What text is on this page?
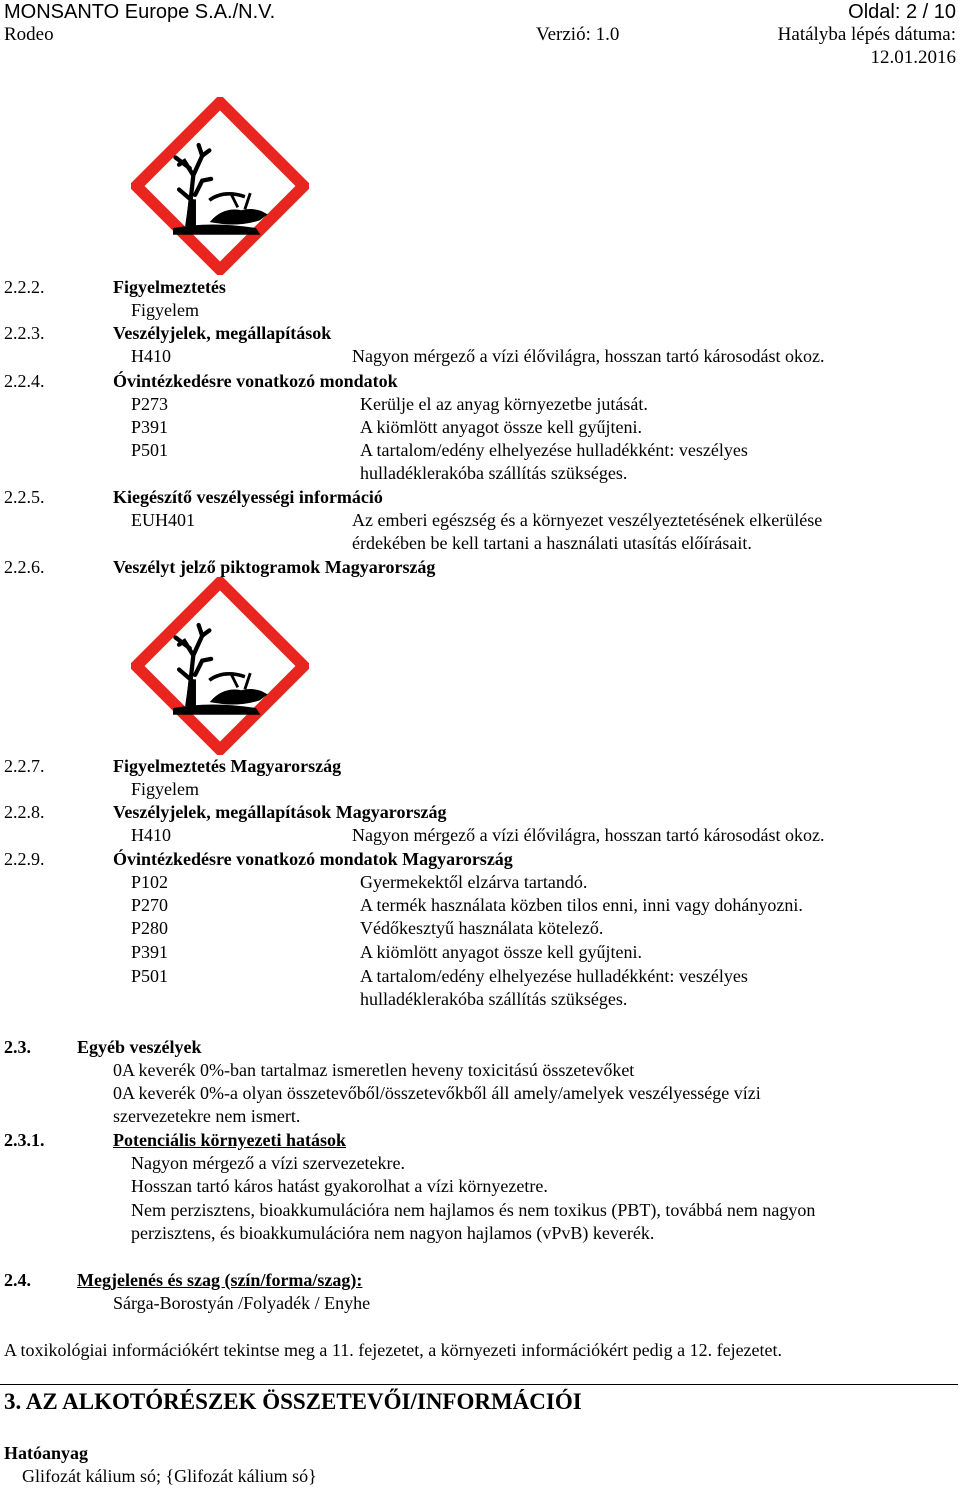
MONSANTO Europe S.A./N.V.	Oldal: 2 / 10
Rodeo	Verzió: 1.0	Hatályba lépés dátuma:
12.01.2016
2.2.2.	Figyelmeztetés
Figyelem
2.2.3.	Veszélyjelek, megállapítások
H410	Nagyon mérgező a vízi élővilágra, hosszan tartó károsodást okoz.
2.2.4.	Óvintézkedésre vonatkozó mondatok
P273	Kerülje el az anyag környezetbe jutását.
P391	A kiömlött anyagot össze kell gyűjteni.
P501	A tartalom/edény elhelyezése hulladékként: veszélyes
hulladéklerakóba szállítás szükséges.
2.2.5.	Kiegészítő veszélyességi információ
EUH401	Az emberi egészség és a környezet veszélyeztetésének elkerülése
érdekében be kell tartani a használati utasítás előírásait.
2.2.6.	Veszélyt jelző piktogramok Magyarország
2.2.7.	Figyelmeztetés Magyarország
Figyelem
2.2.8.	Veszélyjelek, megállapítások Magyarország
H410	Nagyon mérgező a vízi élővilágra, hosszan tartó károsodást okoz.
2.2.9.	Óvintézkedésre vonatkozó mondatok Magyarország
P102	Gyermekektől elzárva tartandó.
P270	A termék használata közben tilos enni, inni vagy dohányozni.
P280	Védőkesztyű használata kötelező.
P391	A kiömlött anyagot össze kell gyűjteni.
P501	A tartalom/edény elhelyezése hulladékként: veszélyes
hulladéklerakóba szállítás szükséges.
2.3.	Egyéb veszélyek
0A keverék 0%-ban tartalmaz ismeretlen heveny toxicitású összetevőket
0A keverék 0%-a olyan összetevőből/összetevőkből áll amely/amelyek veszélyessége vízi
szervezetekre nem ismert.
2.3.1.	Potenciális környezeti hatások
Nagyon mérgező a vízi szervezetekre.
Hosszan tartó káros hatást gyakorolhat a vízi környezetre.
Nem perzisztens, bioakkumulációra nem hajlamos és nem toxikus (PBT), továbbá nem nagyon
perzisztens, és bioakkumulációra nem nagyon hajlamos (vPvB) keverék.
2.4.	Megjelenés és szag (szín/forma/szag):
Sárga-Borostyán /Folyadék / Enyhe
A toxikológiai információkért tekintse meg a 11. fejezetet, a környezeti információkért pedig a 12. fejezetet.
3. AZ ALKOTÓRÉSZEK ÖSSZETEVŐI/INFORMÁCIÓI
Hatóanyag
Glifozát kálium só; {Glifozát kálium só}
